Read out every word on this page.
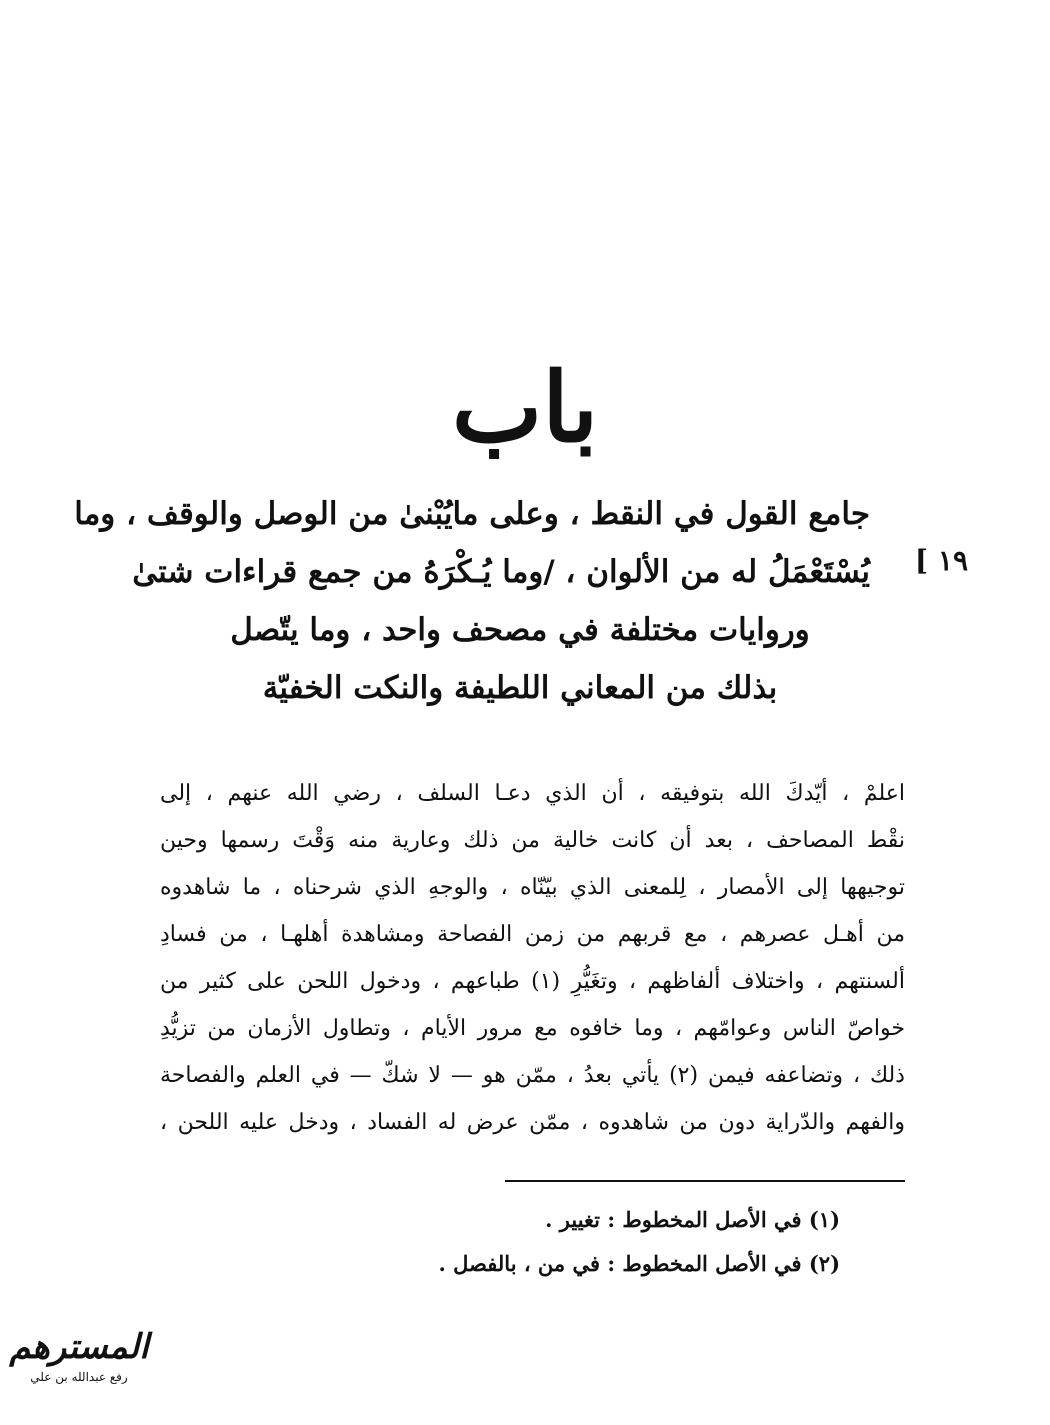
باب
جامع القول في النقط ، وعلى مايُبْنىٰ من الوصل والوقف ، وما
يُسْتَعْمَلُ له من الألوان ، /وما يُـكْرَهُ من جمع قراءات شتىٰ
وروايات مختلفة في مصحف واحد ، وما يتّصل
بذلك من المعاني اللطيفة والنكت الخفيّة
١٩ ]
اعلمْ ، أيّدكَ الله بتوفيقه ، أن الذي دعـا السلف ، رضي الله عنهم ، إلى
نقْط المصاحف ، بعد أن كانت خالية من ذلك وعارية منه وَقْتَ رسمها وحين
توجيهها إلى الأمصار ، لِلمعنى الذي بيّنّاه ، والوجهِ الذي شرحناه ، ما شاهدوه
من أهـل عصرهم ، مع قربهم من زمن الفصاحة ومشاهدة أهلهـا ، من فسادِ
ألسنتهم ، واختلاف ألفاظهم ، وتغَيُّرِ (١) طباعهم ، ودخول اللحن على كثير من
خواصّ الناس وعوامّهم ، وما خافوه مع مرور الأيام ، وتطاول الأزمان من تزيُّدِ
ذلك ، وتضاعفه فيمن (٢) يأتي بعدُ ، ممّن هو — لا شكّ — في العلم والفصاحة
والفهم والدّراية دون من شاهدوه ، ممّن عرض له الفساد ، ودخل عليه اللحن ،
(١) في الأصل المخطوط : تغيير .
(٢) في الأصل المخطوط : في من ، بالفصل .
المسترهم
رفع عبدالله بن علي
